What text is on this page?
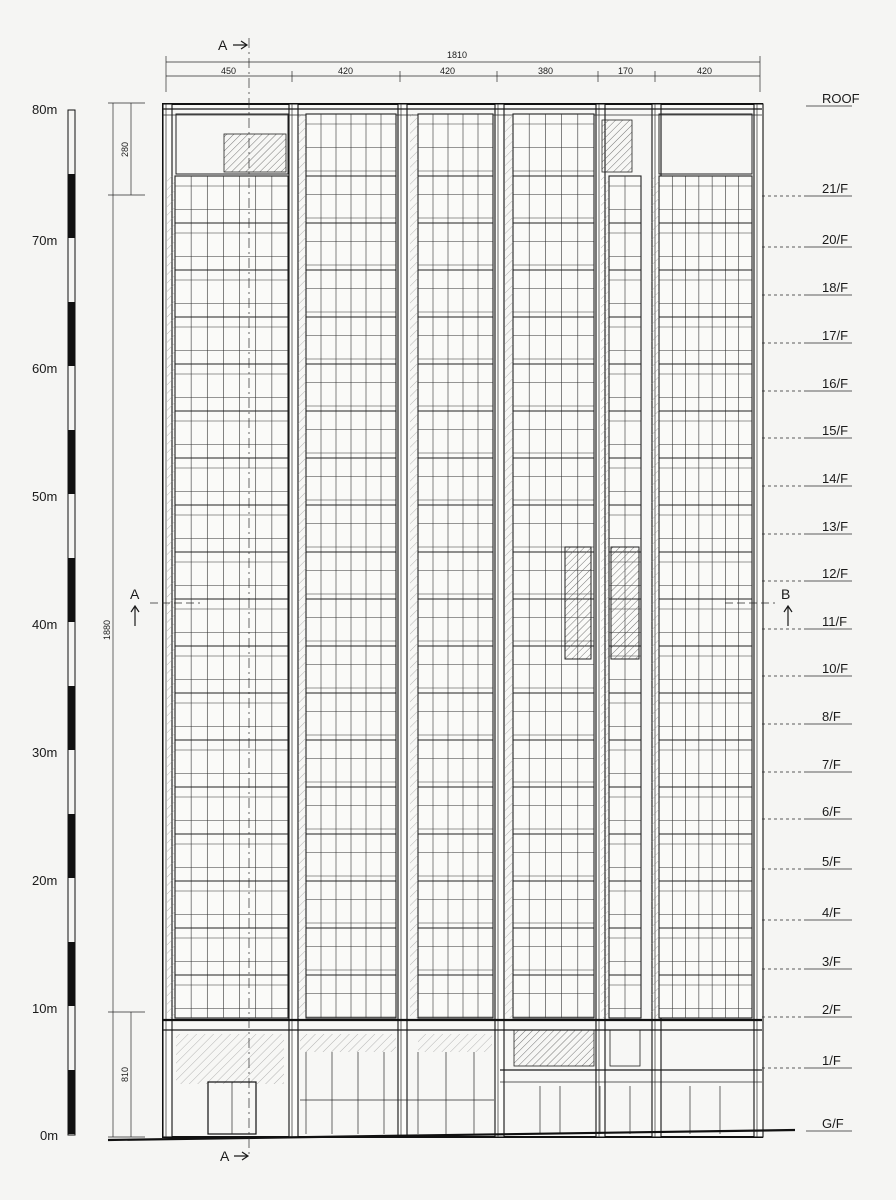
80m
70m
60m
50m
40m
30m
20m
10m
0m
ROOF
21/F
20/F
18/F
17/F
16/F
15/F
14/F
13/F
12/F
11/F
10/F
8/F
7/F
6/F
5/F
4/F
3/F
2/F
1/F
G/F
1810
450	420	420	380	170	420
1880
280
810
A
A
A	B
